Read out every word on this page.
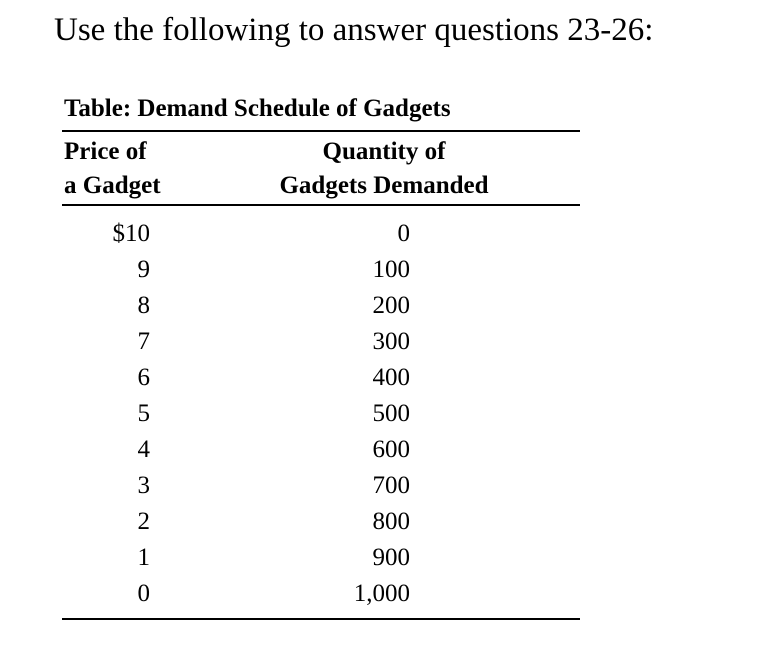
Use the following to answer questions 23-26:
Table: Demand Schedule of Gadgets
Price of
a Gadget
Quantity of
Gadgets Demanded
$10	0
9	100
8	200
7	300
6	400
5	500
4	600
3	700
2	800
1	900
0	1,000
